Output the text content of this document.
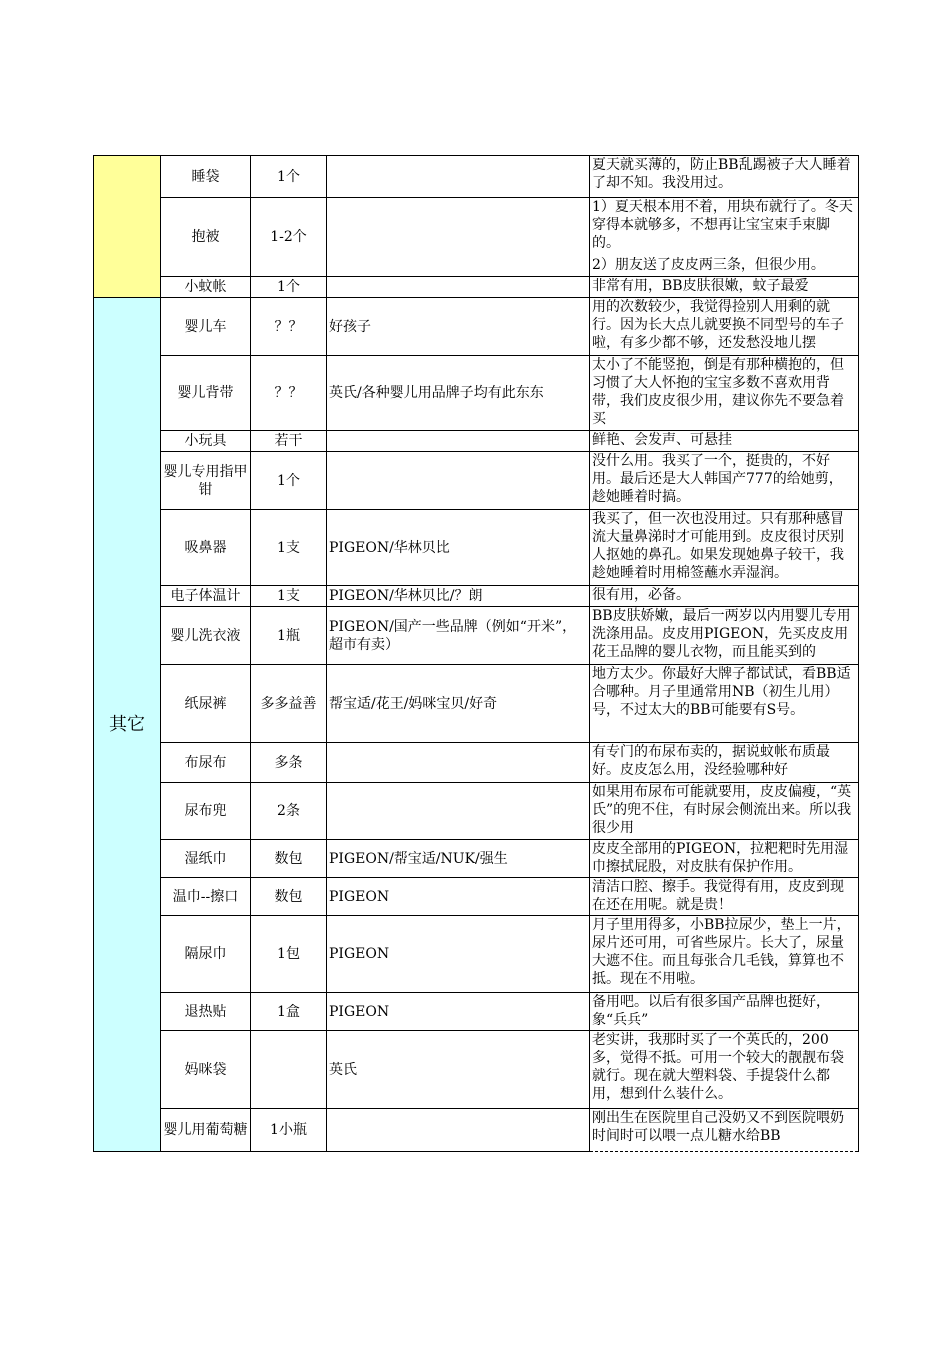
	睡袋	1个		夏天就买薄的，防止BB乱踢被子大人睡着了却不知。我没用过。

	抱被	1-2个		1）夏天根本用不着，用块布就行了。冬天穿得本就够多，不想再让宝宝束手束脚的。
2）朋友送了皮皮两三条，但很少用。

	小蚊帐	1个		非常有用，BB皮肤很嫩，蚊子最爱

其它	婴儿车	？？	好孩子	用的次数较少，我觉得捡别人用剩的就行。因为长大点儿就要换不同型号的车子啦，有多少都不够，还发愁没地儿摆

	婴儿背带	？？	英氏/各种婴儿用品牌子均有此东东	太小了不能竖抱，倒是有那种横抱的，但习惯了大人怀抱的宝宝多数不喜欢用背带，我们皮皮很少用，建议你先不要急着买

	小玩具	若干		鲜艳、会发声、可悬挂

	婴儿专用指甲钳	1个		没什么用。我买了一个，挺贵的，不好用。最后还是大人韩国产777的给她剪，趁她睡着时搞。

	吸鼻器	1支	PIGEON/华林贝比	我买了，但一次也没用过。只有那种感冒流大量鼻涕时才可能用到。皮皮很讨厌别人抠她的鼻孔。如果发现她鼻子较干，我趁她睡着时用棉签蘸水弄湿润。

	电子体温计	1支	PIGEON/华林贝比/？朗	很有用，必备。

	婴儿洗衣液	1瓶	PIGEON/国产一些品牌（例如“开米”，超市有卖）	BB皮肤娇嫩，最后一两岁以内用婴儿专用洗涤用品。皮皮用PIGEON，先买皮皮用花王品牌的婴儿衣物，而且能买到的

	纸尿裤	多多益善	帮宝适/花王/妈咪宝贝/好奇	地方太少。你最好大牌子都试试，看BB适合哪种。月子里通常用NB（初生儿用）号，不过太大的BB可能要有S号。

	布尿布	多条		有专门的布尿布卖的，据说蚊帐布质最好。皮皮怎么用，没经验哪种好

	尿布兜	2条		如果用布尿布可能就要用，皮皮偏瘦，“英氏”的兜不住，有时尿会侧流出来。所以我很少用

	湿纸巾	数包	PIGEON/帮宝适/NUK/强生	皮皮全部用的PIGEON，拉粑粑时先用湿巾擦拭屁股，对皮肤有保护作用。

	温巾--擦口	数包	PIGEON	清洁口腔、擦手。我觉得有用，皮皮到现在还在用呢。就是贵！

	隔尿巾	1包	PIGEON	月子里用得多，小BB拉尿少，垫上一片，尿片还可用，可省些尿片。长大了，尿量大遮不住。而且每张合几毛钱，算算也不抵。现在不用啦。

	退热贴	1盒	PIGEON	备用吧。以后有很多国产品牌也挺好，象“兵兵”

	妈咪袋		英氏	老实讲，我那时买了一个英氏的，200多，觉得不抵。可用一个较大的靓靓布袋就行。现在就大塑料袋、手提袋什么都用，想到什么装什么。

	婴儿用葡萄糖	1小瓶		刚出生在医院里自己没奶又不到医院喂奶时间时可以喂一点儿糖水给BB
